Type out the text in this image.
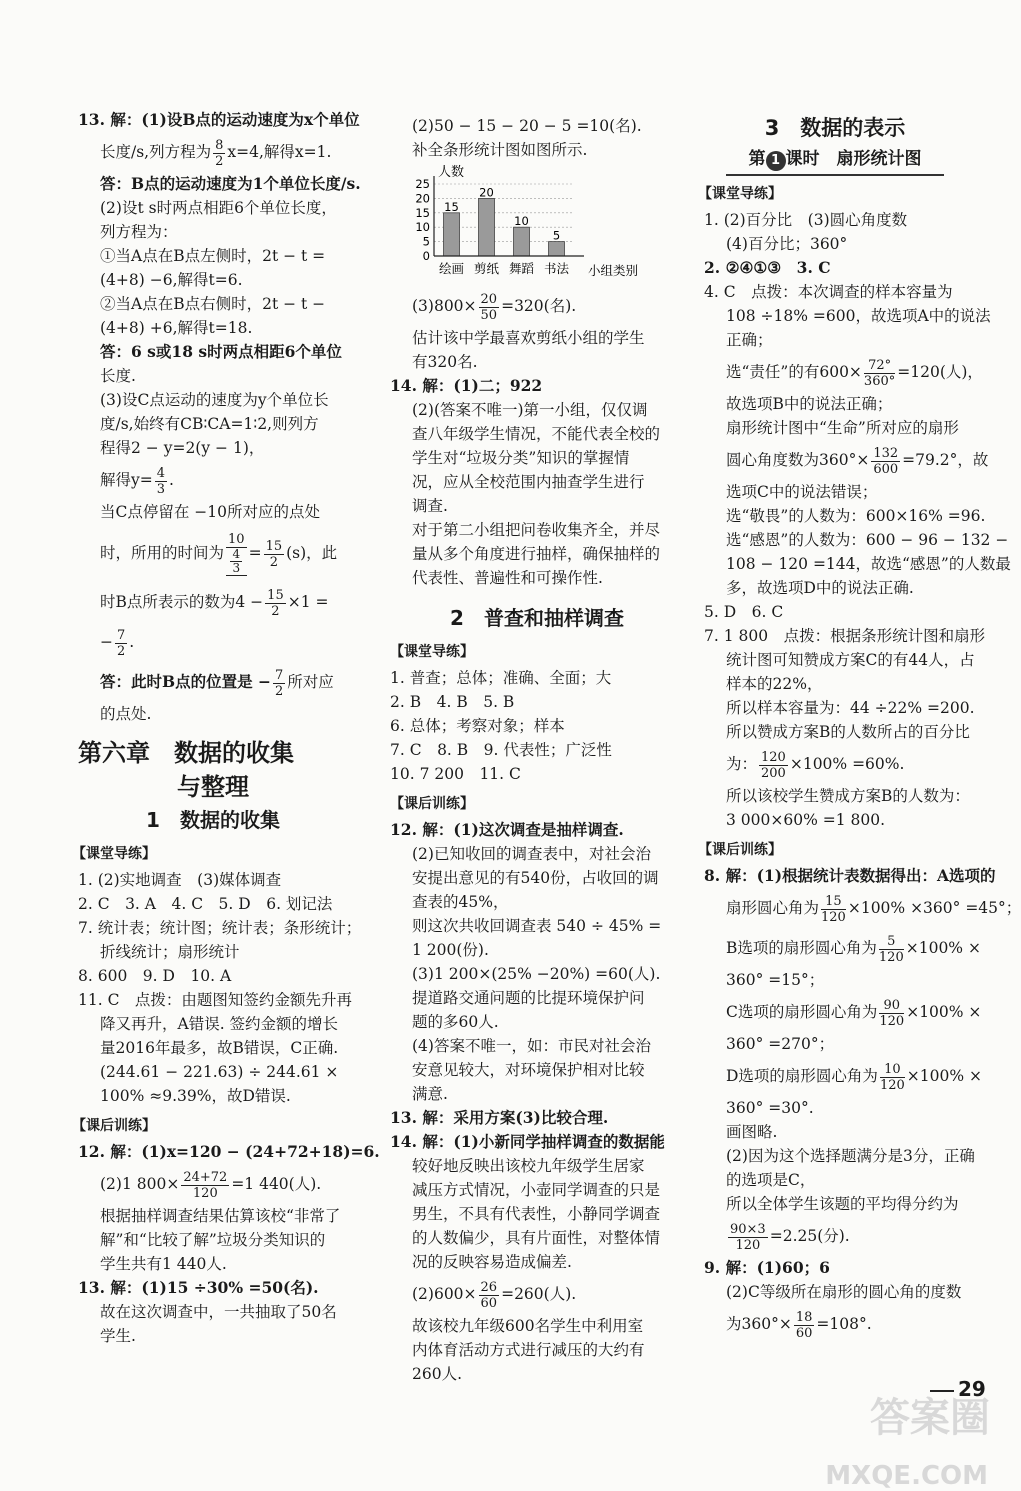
13. 解：(1)设B点的运动速度为x个单位
长度/s,列方程为 $\frac{8}{2} x=4$,解得x=1.
答：B点的运动速度为1个单位长度/s.
(2)设t s时两点相距6个单位长度，
列方程为：
①当A点在B点左侧时，2t − t =
(4+8) −6,解得t=6.
②当A点在B点右侧时，2t − t −
(4+8) +6,解得t=18.
答：6 s或18 s时两点相距6个单位
长度.
(3)设C点运动的速度为y个单位长
度/s,始终有CB∶CA=1∶2,则列方
程得2 − y=2(y − 1)，
解得$y= \frac{4}{3}$ .
当C点停留在 −10所对应的点处
时，所用的时间为 $\frac{10}{\frac{4}{3}} = \frac{15}{2} (s)$，此
时B点所表示的数为$4 - \frac{15}{2} \times 1$ =
− $\frac{7}{2}$ .
答：此时B点的位置是 − $\frac{7}{2}$ 所对应
的点处.
第六章　数据的收集
与整理
1　数据的收集
【课堂导练】
1. (2)实地调查　(3)媒体调查
2. C　3. A　4. C　5. D　6. 划记法
7. 统计表；统计图；统计表；条形统计；
折线统计；扇形统计
8. 600　9. D　10. A
11. C　点拨：由题图知签约金额先升再
降又再升，A错误. 签约金额的增长
量2016年最多，故B错误，C正确.
(244.61 − 221.63) ÷ 244.61 ×
100% ≈9.39%，故D错误.
【课后训练】
12. 解：(1)x=120 − (24+72+18)=6.
(2)1 $800\times \frac{24+72}{120} =1$ 440(人).
根据抽样调查结果估算该校“非常了
解”和“比较了解”垃圾分类知识的
学生共有1 440人.
13. 解：(1)15 ÷30% =50(名).
故在这次调查中，一共抽取了50名
学生.
(2)50 − 15 − 20 − 5 =10(名).
补全条形统计图如图所示.
人数
0
5
10
15
20
25
15
20
10
5
绘画 剪纸 舞蹈 书法 小组类别
$(3)800\times \frac{20}{50} =320$(名).
估计该中学最喜欢剪纸小组的学生
有320名.
14. 解：(1)二；922
(2)(答案不唯一)第一小组，仅仅调
查八年级学生情况，不能代表全校的
学生对“垃圾分类”知识的掌握情
况，应从全校范围内抽查学生进行
调查.
对于第二小组把问卷收集齐全，并尽
量从多个角度进行抽样，确保抽样的
代表性、普遍性和可操作性.
2　普查和抽样调查
【课堂导练】
1. 普查；总体；准确、全面；大
2. B　4. B　5. B
6. 总体；考察对象；样本
7. C　8. B　9. 代表性；广泛性
10. 7 200　11. C
【课后训练】
12. 解：(1)这次调查是抽样调查.
(2)已知收回的调查表中，对社会治
安提出意见的有540份，占收回的调
查表的45%，
则这次共收回调查表 540 ÷ 45% =
1 200(份).
(3)1 200×(25% −20%) =60(人).
提道路交通问题的比提环境保护问
题的多60人.
(4)答案不唯一，如：市民对社会治
安意见较大，对环境保护相对比较
满意.
13. 解：采用方案(3)比较合理.
14. 解：(1)小新同学抽样调查的数据能
较好地反映出该校九年级学生居家
减压方式情况，小壶同学调查的只是
男生，不具有代表性，小静同学调查
的人数偏少，具有片面性，对整体情
况的反映容易造成偏差.
$(2)600\times \frac{26}{60} =260$(人).
故该校九年级600名学生中利用室
内体育活动方式进行减压的大约有
260人.
3　数据的表示
第 1 课时　扇形统计图
【课堂导练】
1. (2)百分比　(3)圆心角度数
(4)百分比；360°
2. ②④①③　3. C
4. C　点拨：本次调查的样本容量为
108 ÷18% =600，故选项A中的说法
正确；
选“责任”的有$600\times \frac{72^\circ}{360^\circ} =120$(人)，
故选项B中的说法正确；
扇形统计图中“生命”所对应的扇形
圆心角度数为$360^\circ\times \frac{132}{600} =79.2^\circ$，故
选项C中的说法错误；
选“敬畏”的人数为：600×16% =96.
选“感恩”的人数为：600 − 96 − 132 −
108 − 120 =144，故选“感恩”的人数最
多，故选项D中的说法正确.
5. D　6. C
7. 1 800　点拨：根据条形统计图和扇形
统计图可知赞成方案C的有44人，占
样本的22%，
所以样本容量为：44 ÷22% =200.
所以赞成方案B的人数所占的百分比
为： $\frac{120}{200} \times 100\% =60\%$.
所以该校学生赞成方案B的人数为：
3 000×60% =1 800.
【课后训练】
8. 解：(1)根据统计表数据得出：A选项的
扇形圆心角为 $\frac{15}{120} \times 100\% \times 360^\circ =45^\circ$；
B选项的扇形圆心角为 $\frac{5}{120} \times 100\%$ ×
360° =15°；
C选项的扇形圆心角为 $\frac{90}{120} \times 100\%$ ×
360° =270°；
D选项的扇形圆心角为 $\frac{10}{120} \times 100\%$ ×
360° =30°.
画图略.
(2)因为这个选择题满分是3分，正确
的选项是C，
所以全体学生该题的平均得分约为
$\frac{90\times 3}{120} =2.25$(分).
9. 解：(1)60；6
(2)C等级所在扇形的圆心角的度数
为$360^\circ\times \frac{18}{60} =108^\circ$.
29
答案圈
MXQE.COM
